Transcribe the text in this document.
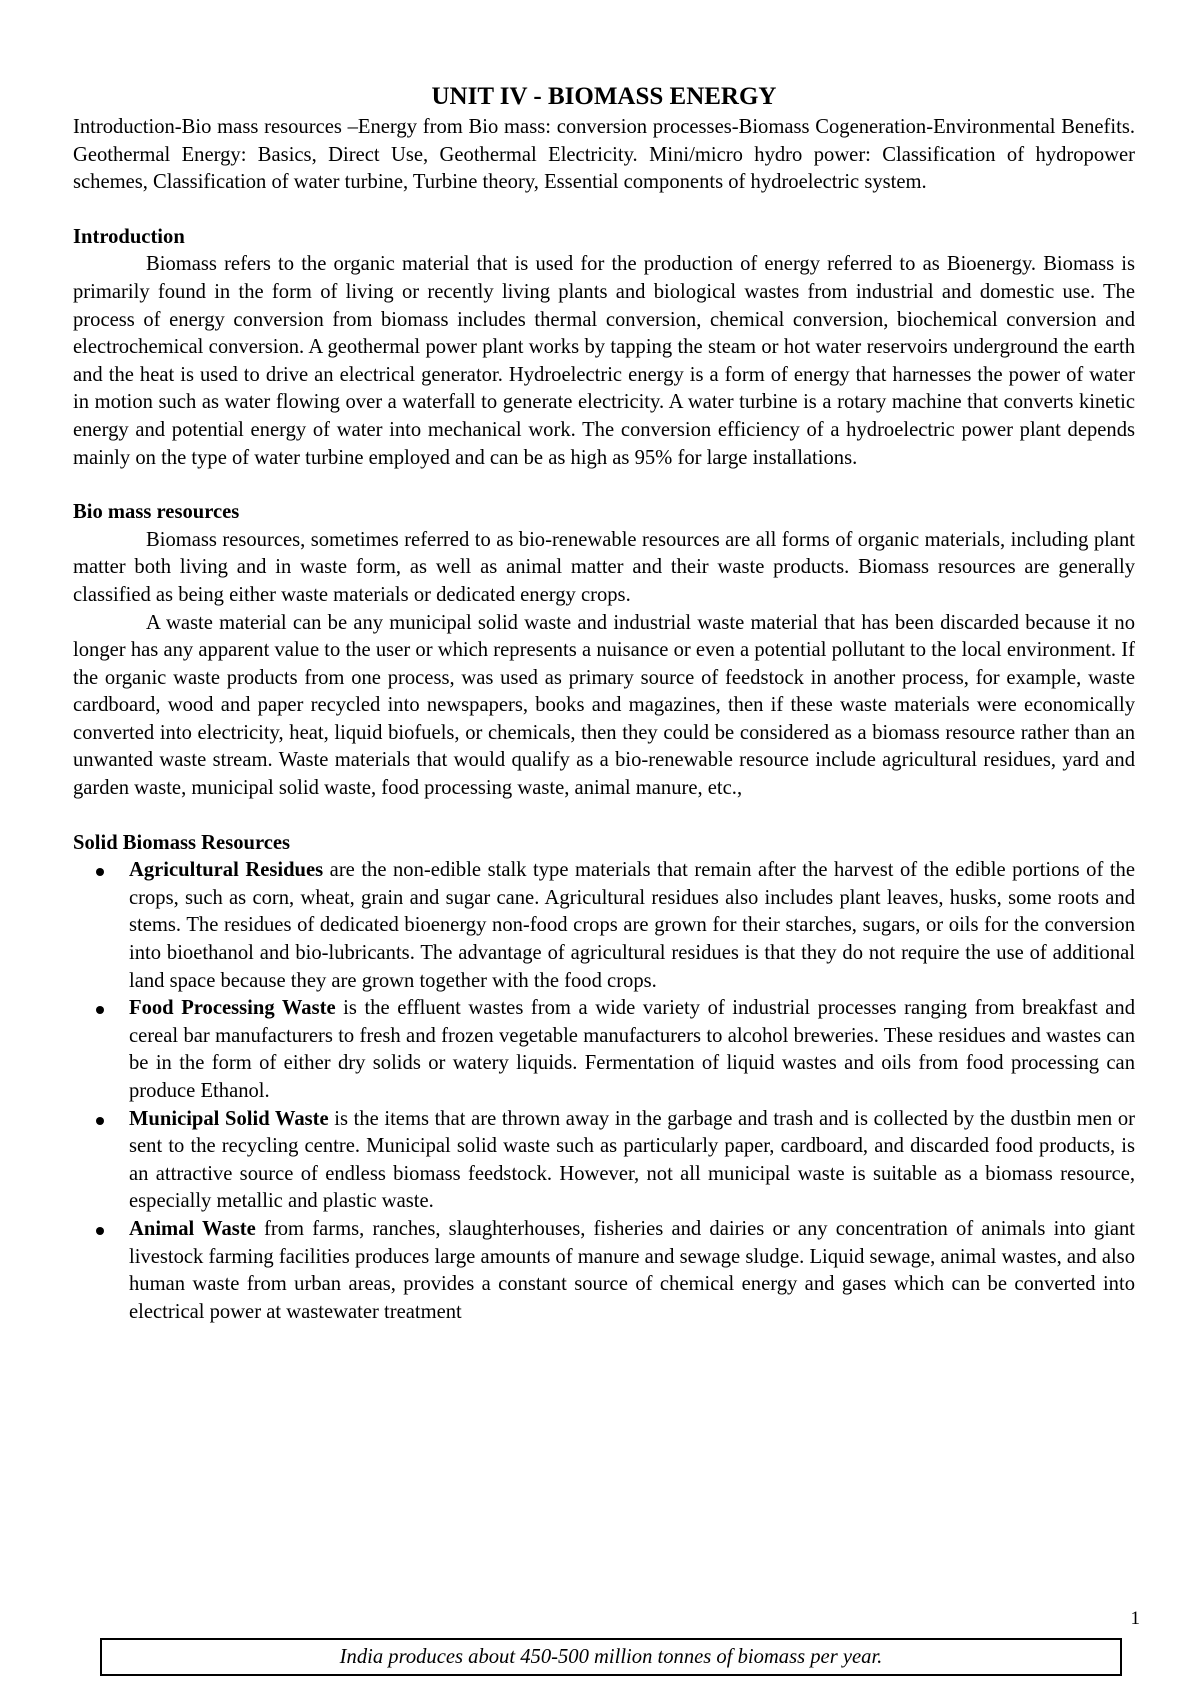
UNIT IV - BIOMASS ENERGY

Introduction-Bio mass resources –Energy from Bio mass: conversion processes-Biomass Cogeneration-Environmental Benefits. Geothermal Energy: Basics, Direct Use, Geothermal Electricity. Mini/micro hydro power: Classification of hydropower schemes, Classification of water turbine, Turbine theory, Essential components of hydroelectric system.

Introduction

Biomass refers to the organic material that is used for the production of energy referred to as Bioenergy. Biomass is primarily found in the form of living or recently living plants and biological wastes from industrial and domestic use. The process of energy conversion from biomass includes thermal conversion, chemical conversion, biochemical conversion and electrochemical conversion. A geothermal power plant works by tapping the steam or hot water reservoirs underground the earth and the heat is used to drive an electrical generator. Hydroelectric energy is a form of energy that harnesses the power of water in motion such as water flowing over a waterfall to generate electricity. A water turbine is a rotary machine that converts kinetic energy and potential energy of water into mechanical work. The conversion efficiency of a hydroelectric power plant depends mainly on the type of water turbine employed and can be as high as 95% for large installations.

Bio mass resources

Biomass resources, sometimes referred to as bio-renewable resources are all forms of organic materials, including plant matter both living and in waste form, as well as animal matter and their waste products. Biomass resources are generally classified as being either waste materials or dedicated energy crops.

A waste material can be any municipal solid waste and industrial waste material that has been discarded because it no longer has any apparent value to the user or which represents a nuisance or even a potential pollutant to the local environment. If the organic waste products from one process, was used as primary source of feedstock in another process, for example, waste cardboard, wood and paper recycled into newspapers, books and magazines, then if these waste materials were economically converted into electricity, heat, liquid biofuels, or chemicals, then they could be considered as a biomass resource rather than an unwanted waste stream. Waste materials that would qualify as a bio-renewable resource include agricultural residues, yard and garden waste, municipal solid waste, food processing waste, animal manure, etc.,

Solid Biomass Resources
Agricultural Residues are the non-edible stalk type materials that remain after the harvest of the edible portions of the crops, such as corn, wheat, grain and sugar cane. Agricultural residues also includes plant leaves, husks, some roots and stems. The residues of dedicated bioenergy non-food crops are grown for their starches, sugars, or oils for the conversion into bioethanol and bio-lubricants. The advantage of agricultural residues is that they do not require the use of additional land space because they are grown together with the food crops.
Food Processing Waste is the effluent wastes from a wide variety of industrial processes ranging from breakfast and cereal bar manufacturers to fresh and frozen vegetable manufacturers to alcohol breweries. These residues and wastes can be in the form of either dry solids or watery liquids. Fermentation of liquid wastes and oils from food processing can produce Ethanol.
Municipal Solid Waste is the items that are thrown away in the garbage and trash and is collected by the dustbin men or sent to the recycling centre. Municipal solid waste such as particularly paper, cardboard, and discarded food products, is an attractive source of endless biomass feedstock. However, not all municipal waste is suitable as a biomass resource, especially metallic and plastic waste.
Animal Waste from farms, ranches, slaughterhouses, fisheries and dairies or any concentration of animals into giant livestock farming facilities produces large amounts of manure and sewage sludge. Liquid sewage, animal wastes, and also human waste from urban areas, provides a constant source of chemical energy and gases which can be converted into electrical power at wastewater treatment
1
India produces about 450-500 million tonnes of biomass per year.
